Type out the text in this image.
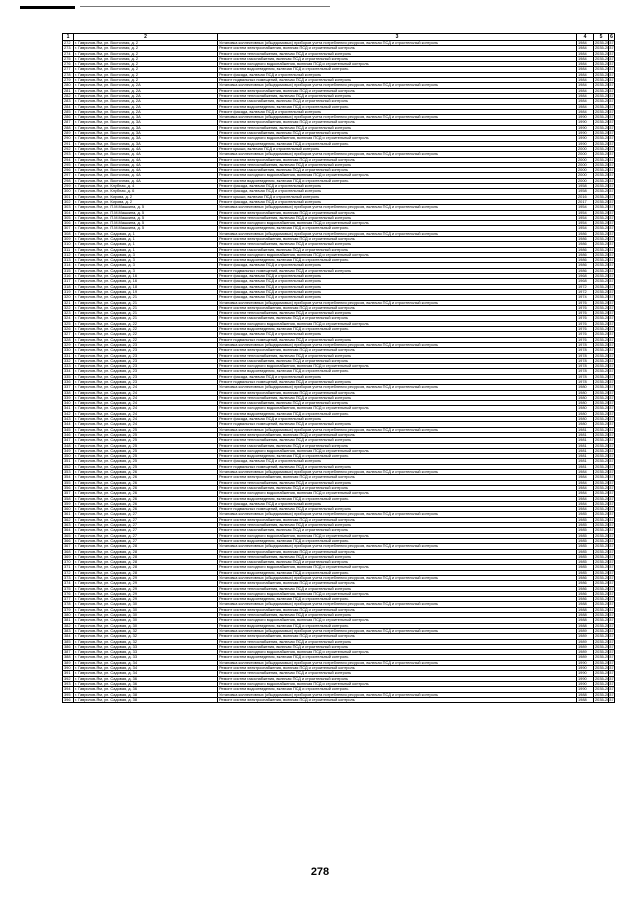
1	2	3	4	5	6
272	г. Гаврилов-Ям, ул. Восточная, д. 2	Установка коллективных (общедомовых) приборов учета потребления ресурсов, включая ПСД и строительный контроль	1984	2035-2037	
273	г. Гаврилов-Ям, ул. Восточная, д. 2	Ремонт систем электроснабжения, включая ПСД и строительный контроль	1984	2035-2037	
274	г. Гаврилов-Ям, ул. Восточная, д. 2	Ремонт систем теплоснабжения, включая ПСД и строительный контроль	1984	2035-2037	
275	г. Гаврилов-Ям, ул. Восточная, д. 2	Ремонт систем газоснабжения, включая ПСД и строительный контроль	1984	2035-2037	
276	г. Гаврилов-Ям, ул. Восточная, д. 2	Ремонт систем холодного водоснабжения, включая ПСД и строительный контроль	1984	2035-2037	
277	г. Гаврилов-Ям, ул. Восточная, д. 2	Ремонт систем водоотведения, включая ПСД и строительный контроль	1984	2035-2037	
278	г. Гаврилов-Ям, ул. Восточная, д. 2	Ремонт фасада, включая ПСД и строительный контроль	1984	2035-2037	
279	г. Гаврилов-Ям, ул. Восточная, д. 2	Ремонт подвальных помещений, включая ПСД и строительный контроль	1984	2035-2037	
280	г. Гаврилов-Ям, ул. Восточная, д. 2А	Установка коллективных (общедомовых) приборов учета потребления ресурсов, включая ПСД и строительный контроль	1984	2035-2037	
281	г. Гаврилов-Ям, ул. Восточная, д. 2А	Ремонт систем электроснабжения, включая ПСД и строительный контроль	1984	2035-2037	
282	г. Гаврилов-Ям, ул. Восточная, д. 2А	Ремонт систем теплоснабжения, включая ПСД и строительный контроль	1984	2035-2037	
283	г. Гаврилов-Ям, ул. Восточная, д. 2А	Ремонт систем газоснабжения, включая ПСД и строительный контроль	1984	2035-2037	
284	г. Гаврилов-Ям, ул. Восточная, д. 2А	Ремонт систем водоотведения, включая ПСД и строительный контроль	1984	2035-2037	
285	г. Гаврилов-Ям, ул. Восточная, д. 2А	Ремонт фасада, включая ПСД и строительный контроль	1984	2035-2037	
286	г. Гаврилов-Ям, ул. Восточная, д. 3А	Установка коллективных (общедомовых) приборов учета потребления ресурсов, включая ПСД и строительный контроль	1990	2035-2037	
287	г. Гаврилов-Ям, ул. Восточная, д. 3А	Ремонт систем электроснабжения, включая ПСД и строительный контроль	1990	2035-2037	
288	г. Гаврилов-Ям, ул. Восточная, д. 3А	Ремонт систем теплоснабжения, включая ПСД и строительный контроль	1990	2035-2037	
289	г. Гаврилов-Ям, ул. Восточная, д. 3А	Ремонт систем газоснабжения, включая ПСД и строительный контроль	1990	2035-2037	
290	г. Гаврилов-Ям, ул. Восточная, д. 3А	Ремонт систем холодного водоснабжения, включая ПСД и строительный контроль	1990	2035-2037	
291	г. Гаврилов-Ям, ул. Восточная, д. 3А	Ремонт систем водоотведения, включая ПСД и строительный контроль	1990	2035-2037	
292	г. Гаврилов-Ям, ул. Восточная, д. 4А	Ремонт крыши, включая ПСД и строительный контроль	2000	2035-2037	
293	г. Гаврилов-Ям, ул. Восточная, д. 4А	Установка коллективных (общедомовых) приборов учета потребления ресурсов, включая ПСД и строительный контроль	2000	2035-2037	
294	г. Гаврилов-Ям, ул. Восточная, д. 4А	Ремонт систем электроснабжения, включая ПСД и строительный контроль	2000	2035-2037	
295	г. Гаврилов-Ям, ул. Восточная, д. 4А	Ремонт систем теплоснабжения, включая ПСД и строительный контроль	2000	2035-2037	
296	г. Гаврилов-Ям, ул. Восточная, д. 4А	Ремонт систем газоснабжения, включая ПСД и строительный контроль	2000	2035-2037	
297	г. Гаврилов-Ям, ул. Восточная, д. 4А	Ремонт систем холодного водоснабжения, включая ПСД и строительный контроль	2000	2035-2037	
298	г. Гаврилов-Ям, ул. Восточная, д. 4А	Ремонт систем водоотведения, включая ПСД и строительный контроль	2000	2035-2037	
299	г. Гаврилов-Ям, ул. Клубная, д. 4	Ремонт фасада, включая ПСД и строительный контроль	1958	2035-2037	
300	г. Гаврилов-Ям, ул. Клубная, д. 6	Ремонт фасада, включая ПСД и строительный контроль	1958	2035-2037	
301	г. Гаврилов-Ям, ул. Кирова, д. 2	Ремонт крыши, включая ПСД и строительный контроль	2016	2035-2037	
302	г. Гаврилов-Ям, ул. Кирова, д. 2	Ремонт фасада, включая ПСД и строительный контроль	2017	2035-2037	
303	г. Гаврилов-Ям, ул. П.М.Машкина, д. 5	Установка коллективных (общедомовых) приборов учета потребления ресурсов, включая ПСД и строительный контроль	1954	2035-2037	
304	г. Гаврилов-Ям, ул. П.М.Машкина, д. 5	Ремонт систем электроснабжения, включая ПСД и строительный контроль	1954	2035-2037	
305	г. Гаврилов-Ям, ул. П.М.Машкина, д. 5	Ремонт систем теплоснабжения, включая ПСД и строительный контроль	1954	2035-2037	
306	г. Гаврилов-Ям, ул. П.М.Машкина, д. 5	Ремонт систем холодного водоснабжения, включая ПСД и строительный контроль	1954	2035-2037	
307	г. Гаврилов-Ям, ул. П.М.Машкина, д. 5	Ремонт систем водоотведения, включая ПСД и строительный контроль	1954	2035-2037	
308	г. Гаврилов-Ям, ул. Садовая, д. 1	Установка коллективных (общедомовых) приборов учета потребления ресурсов, включая ПСД и строительный контроль	1986	2035-2037	
309	г. Гаврилов-Ям, ул. Садовая, д. 1	Ремонт систем электроснабжения, включая ПСД и строительный контроль	1986	2035-2037	
310	г. Гаврилов-Ям, ул. Садовая, д. 1	Ремонт систем теплоснабжения, включая ПСД и строительный контроль	1986	2035-2037	
311	г. Гаврилов-Ям, ул. Садовая, д. 1	Ремонт систем газоснабжения, включая ПСД и строительный контроль	1986	2035-2037	
312	г. Гаврилов-Ям, ул. Садовая, д. 3	Ремонт систем холодного водоснабжения, включая ПСД и строительный контроль	1986	2035-2037	
313	г. Гаврилов-Ям, ул. Садовая, д. 3	Ремонт систем водоотведения, включая ПСД и строительный контроль	1986	2035-2037	
314	г. Гаврилов-Ям, ул. Садовая, д. 3	Ремонт фасада, включая ПСД и строительный контроль	1986	2035-2037	
315	г. Гаврилов-Ям, ул. Садовая, д. 3	Ремонт подвальных помещений, включая ПСД и строительный контроль	1986	2035-2037	
316	г. Гаврилов-Ям, ул. Садовая, д. 16	Ремонт фасада, включая ПСД и строительный контроль	1968	2035-2037	
317	г. Гаврилов-Ям, ул. Садовая, д. 16	Ремонт фасада, включая ПСД и строительный контроль	1968	2035-2037	
318	г. Гаврилов-Ям, ул. Садовая, д. 18	Ремонт фасада, включая ПСД и строительный контроль	1972	2035-2037	
319	г. Гаврилов-Ям, ул. Садовая, д. 19	Ремонт фасада, включая ПСД и строительный контроль	1972	2035-2037	
320	г. Гаврилов-Ям, ул. Садовая, д. 21	Ремонт фасада, включая ПСД и строительный контроль	1974	2035-2037	
321	г. Гаврилов-Ям, ул. Садовая, д. 21	Установка коллективных (общедомовых) приборов учета потребления ресурсов, включая ПСД и строительный контроль	1976	2035-2037	
322	г. Гаврилов-Ям, ул. Садовая, д. 21	Ремонт систем электроснабжения, включая ПСД и строительный контроль	1976	2035-2037	
323	г. Гаврилов-Ям, ул. Садовая, д. 21	Ремонт систем теплоснабжения, включая ПСД и строительный контроль	1976	2035-2037	
324	г. Гаврилов-Ям, ул. Садовая, д. 21	Ремонт систем газоснабжения, включая ПСД и строительный контроль	1976	2035-2037	
325	г. Гаврилов-Ям, ул. Садовая, д. 22	Ремонт систем холодного водоснабжения, включая ПСД и строительный контроль	1976	2035-2037	
326	г. Гаврилов-Ям, ул. Садовая, д. 22	Ремонт систем водоотведения, включая ПСД и строительный контроль	1976	2035-2037	
327	г. Гаврилов-Ям, ул. Садовая, д. 22	Ремонт фасада, включая ПСД и строительный контроль	1976	2035-2037	
328	г. Гаврилов-Ям, ул. Садовая, д. 22	Ремонт подвальных помещений, включая ПСД и строительный контроль	1976	2035-2037	
329	г. Гаврилов-Ям, ул. Садовая, д. 23	Установка коллективных (общедомовых) приборов учета потребления ресурсов, включая ПСД и строительный контроль	1978	2035-2037	
330	г. Гаврилов-Ям, ул. Садовая, д. 23	Ремонт систем электроснабжения, включая ПСД и строительный контроль	1978	2035-2037	
331	г. Гаврилов-Ям, ул. Садовая, д. 23	Ремонт систем теплоснабжения, включая ПСД и строительный контроль	1978	2035-2037	
332	г. Гаврилов-Ям, ул. Садовая, д. 23	Ремонт систем газоснабжения, включая ПСД и строительный контроль	1978	2035-2037	
333	г. Гаврилов-Ям, ул. Садовая, д. 23	Ремонт систем холодного водоснабжения, включая ПСД и строительный контроль	1978	2035-2037	
334	г. Гаврилов-Ям, ул. Садовая, д. 23	Ремонт систем водоотведения, включая ПСД и строительный контроль	1978	2035-2037	
335	г. Гаврилов-Ям, ул. Садовая, д. 23	Ремонт фасада, включая ПСД и строительный контроль	1978	2035-2037	
336	г. Гаврилов-Ям, ул. Садовая, д. 23	Ремонт подвальных помещений, включая ПСД и строительный контроль	1978	2035-2037	
337	г. Гаврилов-Ям, ул. Садовая, д. 24	Установка коллективных (общедомовых) приборов учета потребления ресурсов, включая ПСД и строительный контроль	1980	2035-2037	
338	г. Гаврилов-Ям, ул. Садовая, д. 24	Ремонт систем электроснабжения, включая ПСД и строительный контроль	1980	2035-2037	
339	г. Гаврилов-Ям, ул. Садовая, д. 24	Ремонт систем теплоснабжения, включая ПСД и строительный контроль	1980	2035-2037	
340	г. Гаврилов-Ям, ул. Садовая, д. 24	Ремонт систем газоснабжения, включая ПСД и строительный контроль	1980	2035-2037	
341	г. Гаврилов-Ям, ул. Садовая, д. 24	Ремонт систем холодного водоснабжения, включая ПСД и строительный контроль	1980	2035-2037	
342	г. Гаврилов-Ям, ул. Садовая, д. 24	Ремонт систем водоотведения, включая ПСД и строительный контроль	1980	2035-2037	
343	г. Гаврилов-Ям, ул. Садовая, д. 24	Ремонт фасада, включая ПСД и строительный контроль	1980	2035-2037	
344	г. Гаврилов-Ям, ул. Садовая, д. 24	Ремонт подвальных помещений, включая ПСД и строительный контроль	1980	2035-2037	
345	г. Гаврилов-Ям, ул. Садовая, д. 25	Установка коллективных (общедомовых) приборов учета потребления ресурсов, включая ПСД и строительный контроль	1981	2035-2037	
346	г. Гаврилов-Ям, ул. Садовая, д. 25	Ремонт систем электроснабжения, включая ПСД и строительный контроль	1981	2035-2037	
347	г. Гаврилов-Ям, ул. Садовая, д. 25	Ремонт систем теплоснабжения, включая ПСД и строительный контроль	1981	2035-2037	
348	г. Гаврилов-Ям, ул. Садовая, д. 25	Ремонт систем газоснабжения, включая ПСД и строительный контроль	1981	2035-2037	
349	г. Гаврилов-Ям, ул. Садовая, д. 25	Ремонт систем холодного водоснабжения, включая ПСД и строительный контроль	1981	2035-2037	
350	г. Гаврилов-Ям, ул. Садовая, д. 25	Ремонт систем водоотведения, включая ПСД и строительный контроль	1981	2035-2037	
351	г. Гаврилов-Ям, ул. Садовая, д. 25	Ремонт фасада, включая ПСД и строительный контроль	1981	2035-2037	
352	г. Гаврилов-Ям, ул. Садовая, д. 25	Ремонт подвальных помещений, включая ПСД и строительный контроль	1981	2035-2037	
353	г. Гаврилов-Ям, ул. Садовая, д. 26	Установка коллективных (общедомовых) приборов учета потребления ресурсов, включая ПСД и строительный контроль	1984	2035-2037	
354	г. Гаврилов-Ям, ул. Садовая, д. 26	Ремонт систем электроснабжения, включая ПСД и строительный контроль	1984	2035-2037	
355	г. Гаврилов-Ям, ул. Садовая, д. 26	Ремонт систем теплоснабжения, включая ПСД и строительный контроль	1984	2035-2037	
356	г. Гаврилов-Ям, ул. Садовая, д. 26	Ремонт систем газоснабжения, включая ПСД и строительный контроль	1984	2035-2037	
357	г. Гаврилов-Ям, ул. Садовая, д. 26	Ремонт систем холодного водоснабжения, включая ПСД и строительный контроль	1984	2035-2037	
358	г. Гаврилов-Ям, ул. Садовая, д. 26	Ремонт систем водоотведения, включая ПСД и строительный контроль	1984	2035-2037	
359	г. Гаврилов-Ям, ул. Садовая, д. 26	Ремонт фасада, включая ПСД и строительный контроль	1984	2035-2037	
360	г. Гаврилов-Ям, ул. Садовая, д. 26	Ремонт подвальных помещений, включая ПСД и строительный контроль	1984	2035-2037	
361	г. Гаврилов-Ям, ул. Садовая, д. 27	Установка коллективных (общедомовых) приборов учета потребления ресурсов, включая ПСД и строительный контроль	1985	2035-2037	
362	г. Гаврилов-Ям, ул. Садовая, д. 27	Ремонт систем электроснабжения, включая ПСД и строительный контроль	1985	2035-2037	
363	г. Гаврилов-Ям, ул. Садовая, д. 27	Ремонт систем теплоснабжения, включая ПСД и строительный контроль	1985	2035-2037	
364	г. Гаврилов-Ям, ул. Садовая, д. 27	Ремонт систем газоснабжения, включая ПСД и строительный контроль	1985	2035-2037	
365	г. Гаврилов-Ям, ул. Садовая, д. 27	Ремонт систем холодного водоснабжения, включая ПСД и строительный контроль	1985	2035-2037	
366	г. Гаврилов-Ям, ул. Садовая, д. 27	Ремонт систем водоотведения, включая ПСД и строительный контроль	1985	2035-2037	
367	г. Гаврилов-Ям, ул. Садовая, д. 28	Установка коллективных (общедомовых) приборов учета потребления ресурсов, включая ПСД и строительный контроль	1985	2035-2037	
368	г. Гаврилов-Ям, ул. Садовая, д. 28	Ремонт систем электроснабжения, включая ПСД и строительный контроль	1985	2035-2037	
369	г. Гаврилов-Ям, ул. Садовая, д. 28	Ремонт систем теплоснабжения, включая ПСД и строительный контроль	1985	2035-2037	
370	г. Гаврилов-Ям, ул. Садовая, д. 28	Ремонт систем газоснабжения, включая ПСД и строительный контроль	1985	2035-2037	
371	г. Гаврилов-Ям, ул. Садовая, д. 28	Ремонт систем холодного водоснабжения, включая ПСД и строительный контроль	1985	2035-2037	
372	г. Гаврилов-Ям, ул. Садовая, д. 28	Ремонт систем водоотведения, включая ПСД и строительный контроль	1985	2035-2037	
373	г. Гаврилов-Ям, ул. Садовая, д. 29	Установка коллективных (общедомовых) приборов учета потребления ресурсов, включая ПСД и строительный контроль	1986	2035-2037	
374	г. Гаврилов-Ям, ул. Садовая, д. 29	Ремонт систем электроснабжения, включая ПСД и строительный контроль	1986	2035-2037	
375	г. Гаврилов-Ям, ул. Садовая, д. 29	Ремонт систем теплоснабжения, включая ПСД и строительный контроль	1986	2035-2037	
376	г. Гаврилов-Ям, ул. Садовая, д. 29	Ремонт систем холодного водоснабжения, включая ПСД и строительный контроль	1986	2035-2037	
377	г. Гаврилов-Ям, ул. Садовая, д. 29	Ремонт систем водоотведения, включая ПСД и строительный контроль	1986	2035-2037	
378	г. Гаврилов-Ям, ул. Садовая, д. 30	Установка коллективных (общедомовых) приборов учета потребления ресурсов, включая ПСД и строительный контроль	1988	2035-2037	
379	г. Гаврилов-Ям, ул. Садовая, д. 30	Ремонт систем электроснабжения, включая ПСД и строительный контроль	1988	2035-2037	
380	г. Гаврилов-Ям, ул. Садовая, д. 30	Ремонт систем теплоснабжения, включая ПСД и строительный контроль	1988	2035-2037	
381	г. Гаврилов-Ям, ул. Садовая, д. 30	Ремонт систем холодного водоснабжения, включая ПСД и строительный контроль	1988	2035-2037	
382	г. Гаврилов-Ям, ул. Садовая, д. 30	Ремонт систем водоотведения, включая ПСД и строительный контроль	1988	2035-2037	
383	г. Гаврилов-Ям, ул. Садовая, д. 32	Установка коллективных (общедомовых) приборов учета потребления ресурсов, включая ПСД и строительный контроль	1989	2035-2037	
384	г. Гаврилов-Ям, ул. Садовая, д. 32	Ремонт систем электроснабжения, включая ПСД и строительный контроль	1989	2035-2037	
385	г. Гаврилов-Ям, ул. Садовая, д. 32	Ремонт систем теплоснабжения, включая ПСД и строительный контроль	1989	2035-2037	
386	г. Гаврилов-Ям, ул. Садовая, д. 33	Ремонт систем газоснабжения, включая ПСД и строительный контроль	1989	2035-2037	
387	г. Гаврилов-Ям, ул. Садовая, д. 33	Ремонт систем холодного водоснабжения, включая ПСД и строительный контроль	1989	2035-2037	
388	г. Гаврилов-Ям, ул. Садовая, д. 33	Ремонт систем водоотведения, включая ПСД и строительный контроль	1989	2035-2037	
389	г. Гаврилов-Ям, ул. Садовая, д. 34	Установка коллективных (общедомовых) приборов учета потребления ресурсов, включая ПСД и строительный контроль	1990	2035-2037	
390	г. Гаврилов-Ям, ул. Садовая, д. 34	Ремонт систем электроснабжения, включая ПСД и строительный контроль	1990	2035-2037	
391	г. Гаврилов-Ям, ул. Садовая, д. 34	Ремонт систем теплоснабжения, включая ПСД и строительный контроль	1990	2035-2037	
392	г. Гаврилов-Ям, ул. Садовая, д. 36	Ремонт систем газоснабжения, включая ПСД и строительный контроль	1990	2035-2037	
393	г. Гаврилов-Ям, ул. Садовая, д. 36	Ремонт систем холодного водоснабжения, включая ПСД и строительный контроль	1990	2035-2037	
394	г. Гаврилов-Ям, ул. Садовая, д. 36	Ремонт систем водоотведения, включая ПСД и строительный контроль	1990	2035-2037	
395	г. Гаврилов-Ям, ул. Садовая, д. 38	Установка коллективных (общедомовых) приборов учета потребления ресурсов, включая ПСД и строительный контроль	1988	2035-2037	
396	г. Гаврилов-Ям, ул. Садовая, д. 38	Ремонт систем электроснабжения, включая ПСД и строительный контроль	1988	2035-2037	
278
